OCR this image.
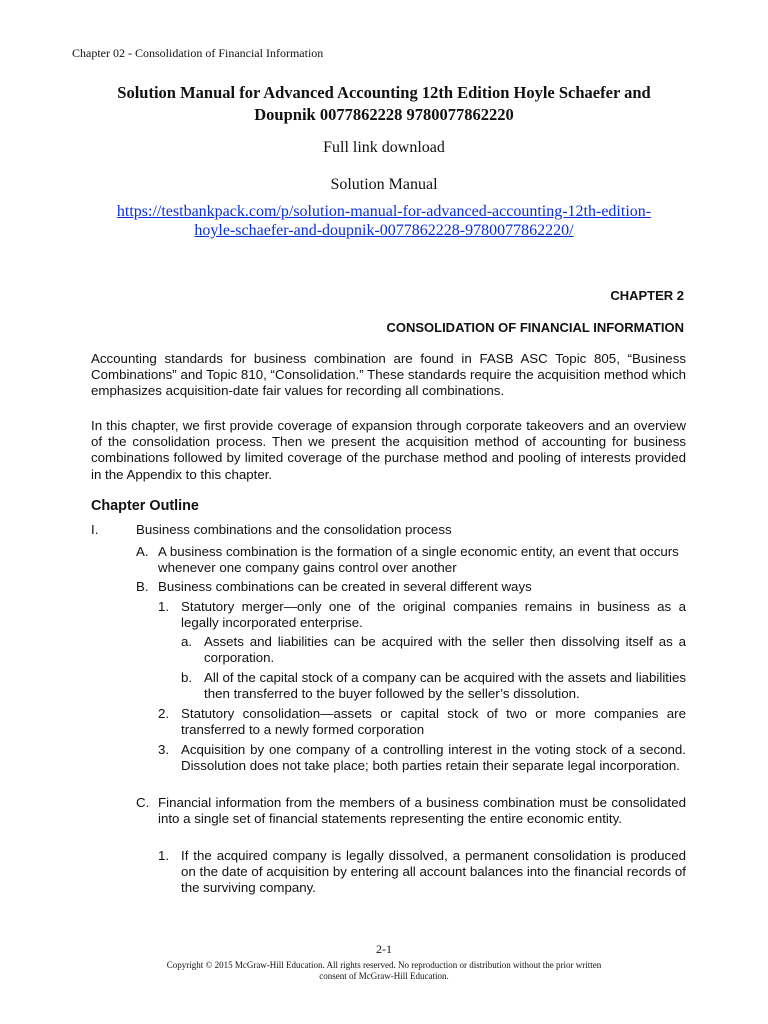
Chapter 02 - Consolidation of Financial Information
Solution Manual for Advanced Accounting 12th Edition Hoyle Schaefer and
Doupnik 0077862228 9780077862220
Full link download
Solution Manual
https://testbankpack.com/p/solution-manual-for-advanced-accounting-12th-edition-
hoyle-schaefer-and-doupnik-0077862228-9780077862220/
CHAPTER 2
CONSOLIDATION OF FINANCIAL INFORMATION
Accounting standards for business combination are found in FASB ASC Topic 805, “Business Combinations” and Topic 810, “Consolidation.” These standards require the acquisition method which emphasizes acquisition-date fair values for recording all combinations.
In this chapter, we first provide coverage of expansion through corporate takeovers and an overview of the consolidation process. Then we present the acquisition method of accounting for business combinations followed by limited coverage of the purchase method and pooling of interests provided in the Appendix to this chapter.
Chapter Outline
I.	Business combinations and the consolidation process
A. A business combination is the formation of a single economic entity, an event that occurs whenever one company gains control over another
B. Business combinations can be created in several different ways
1. Statutory merger—only one of the original companies remains in business as a legally incorporated enterprise.
a. Assets and liabilities can be acquired with the seller then dissolving itself as a corporation.
b. All of the capital stock of a company can be acquired with the assets and liabilities then transferred to the buyer followed by the seller’s dissolution.
2. Statutory consolidation—assets or capital stock of two or more companies are transferred to a newly formed corporation
3. Acquisition by one company of a controlling interest in the voting stock of a second. Dissolution does not take place; both parties retain their separate legal incorporation.
C. Financial information from the members of a business combination must be consolidated into a single set of financial statements representing the entire economic entity.
1. If the acquired company is legally dissolved, a permanent consolidation is produced on the date of acquisition by entering all account balances into the financial records of the surviving company.
2-1
Copyright © 2015 McGraw-Hill Education. All rights reserved. No reproduction or distribution without the prior written
consent of McGraw-Hill Education.
